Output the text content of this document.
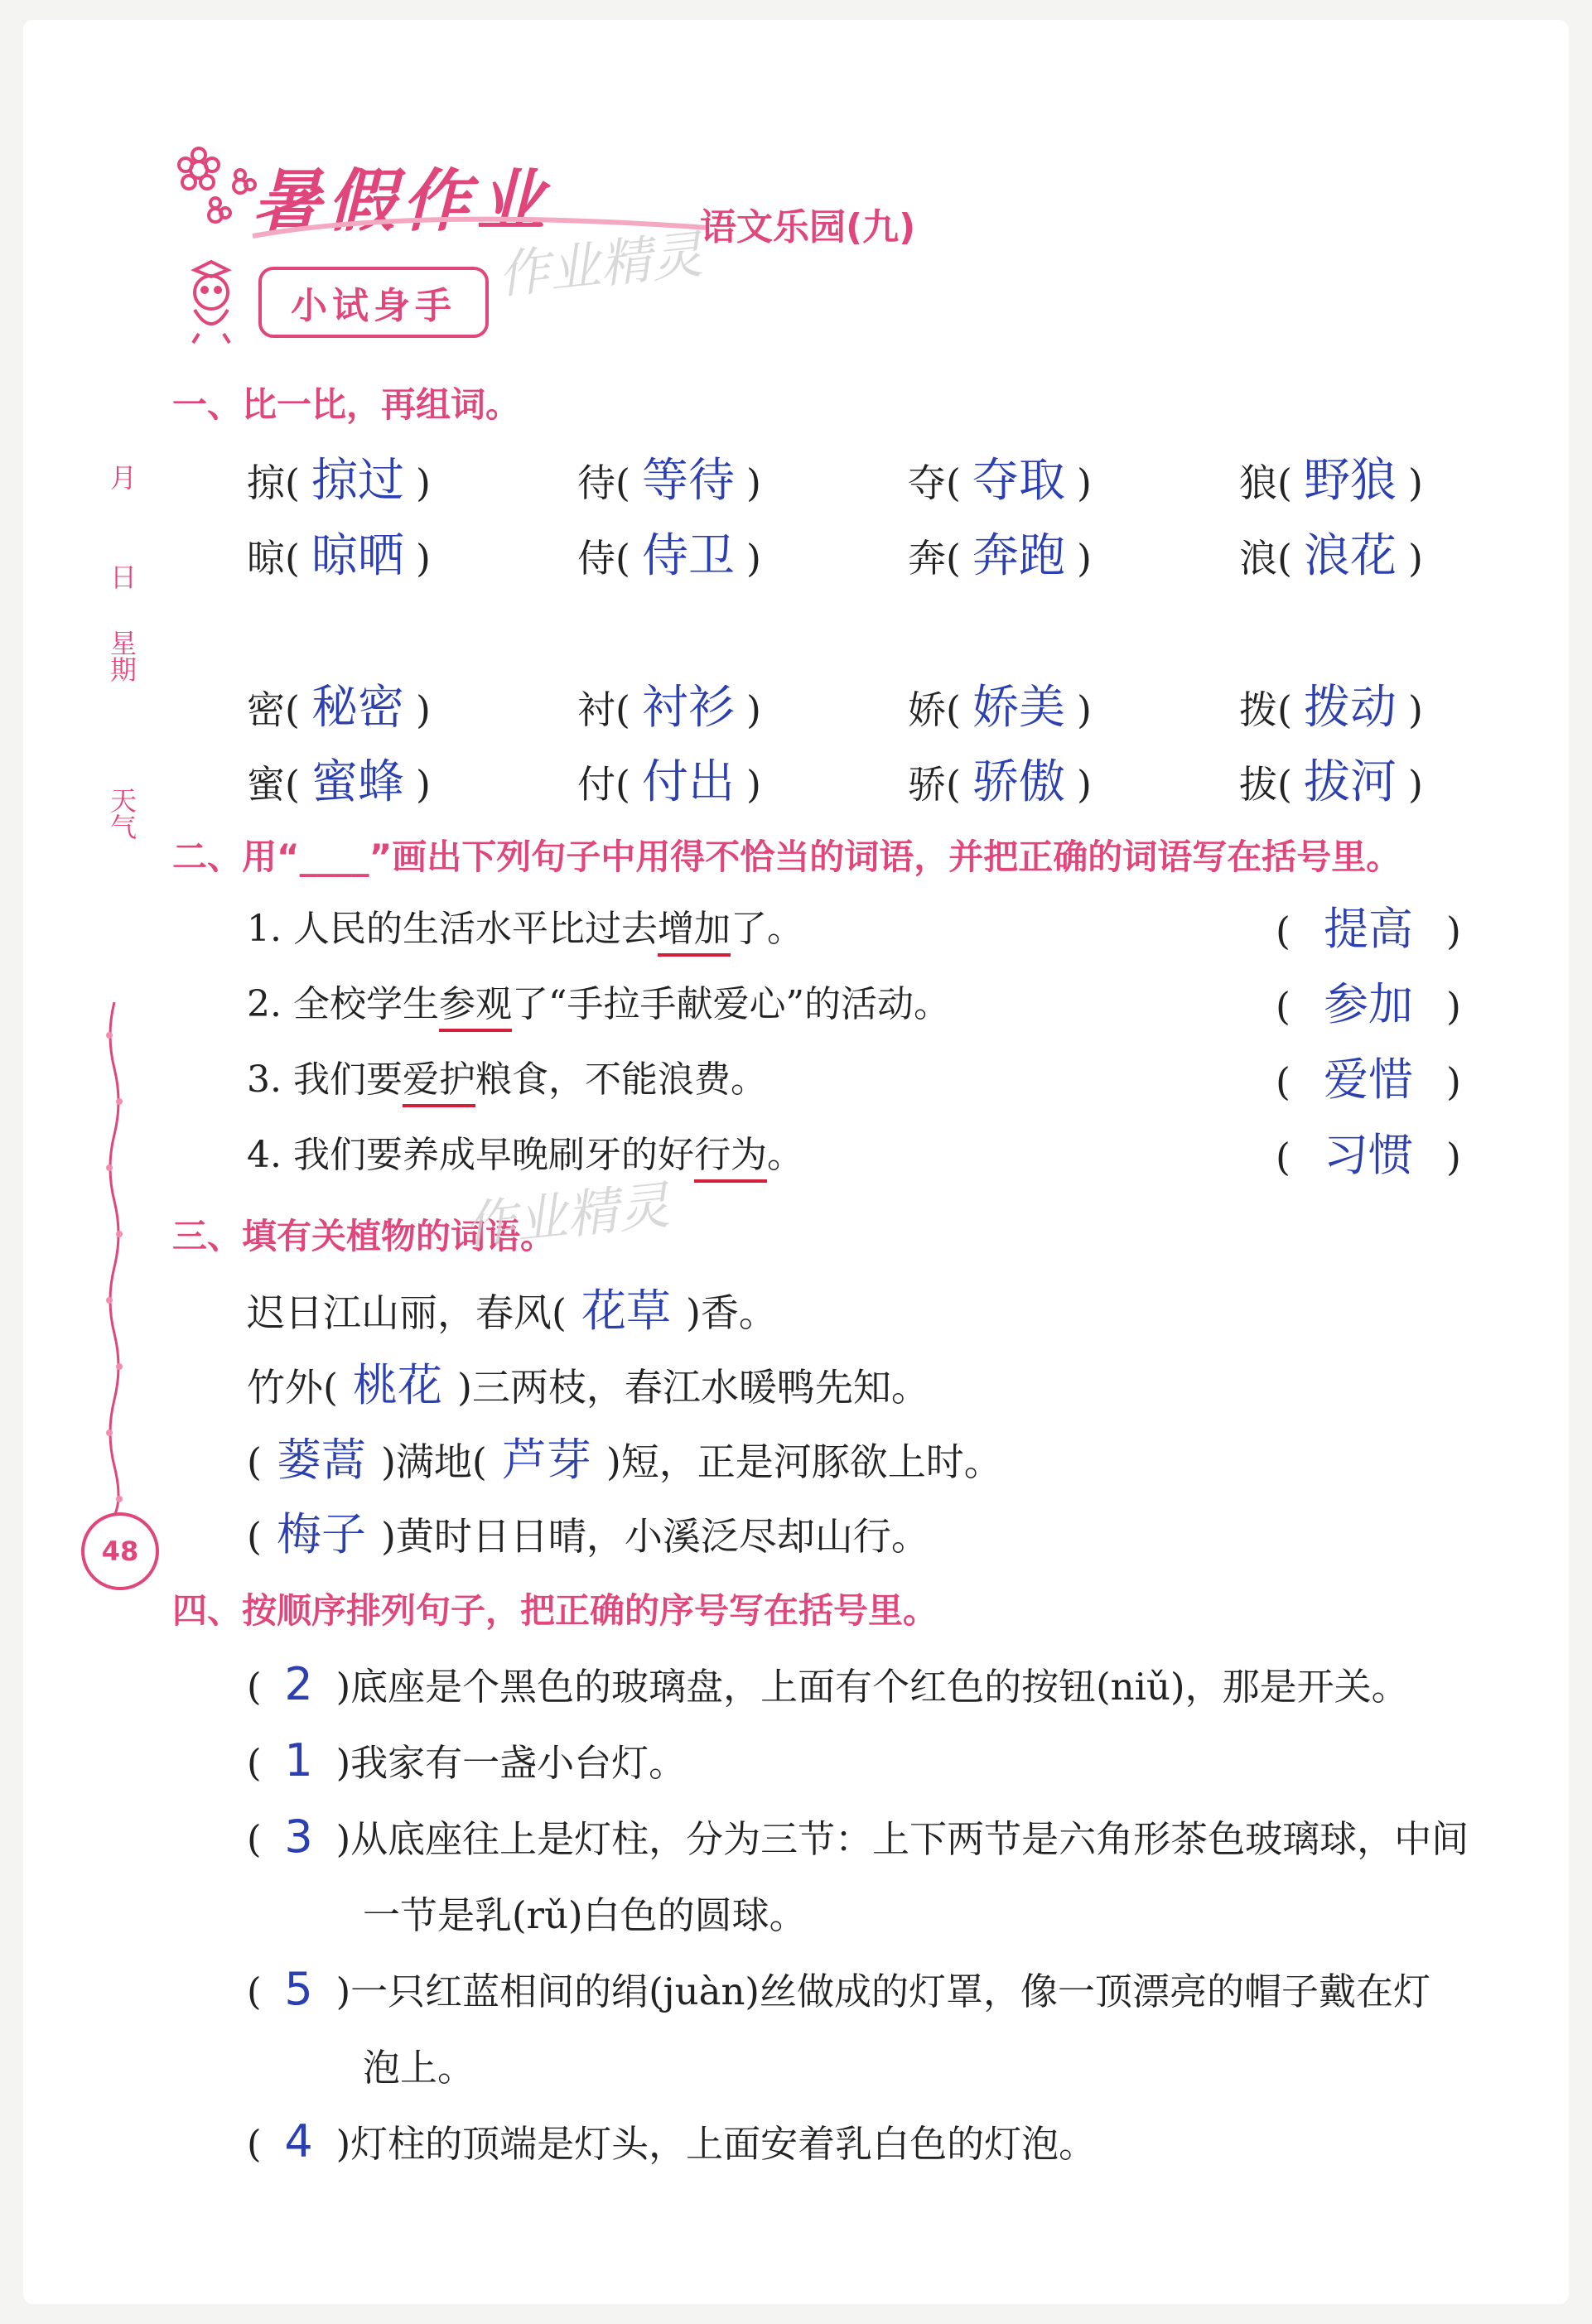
暑假作业	语文乐园(九)
作业精灵
小试身手
月
日
星期
天气
48
一、比一比，再组词。
掠( 掠过 )	待( 等待 )	夺( 夺取 )	狼( 野狼 )
晾( 晾晒 )	侍( 侍卫 )	奔( 奔跑 )	浪( 浪花 )
密( 秘密 )	衬( 衬衫 )	娇( 娇美 )	拨( 拨动 )
蜜( 蜜蜂 )	付( 付出 )	骄( 骄傲 )	拔( 拔河 )
二、用“____”画出下列句子中用得不恰当的词语，并把正确的词语写在括号里。
1. 人民的生活水平比过去增加了。	( 提高 )
2. 全校学生参观了“手拉手献爱心”的活动。	( 参加 )
3. 我们要爱护粮食，不能浪费。	( 爱惜 )
4. 我们要养成早晚刷牙的好行为。	( 习惯 )
三、填有关植物的词语。
作业精灵
迟日江山丽，春风( 花草 )香。
竹外( 桃花 )三两枝，春江水暖鸭先知。
( 蒌蒿 )满地( 芦芽 )短，正是河豚欲上时。
( 梅子 )黄时日日晴，小溪泛尽却山行。
四、按顺序排列句子，把正确的序号写在括号里。
( 2 )底座是个黑色的玻璃盘，上面有个红色的按钮(niǔ)，那是开关。
( 1 )我家有一盏小台灯。
( 3 )从底座往上是灯柱，分为三节：上下两节是六角形茶色玻璃球，中间
一节是乳(rǔ)白色的圆球。
( 5 )一只红蓝相间的绢(juàn)丝做成的灯罩，像一顶漂亮的帽子戴在灯
泡上。
( 4 )灯柱的顶端是灯头，上面安着乳白色的灯泡。
